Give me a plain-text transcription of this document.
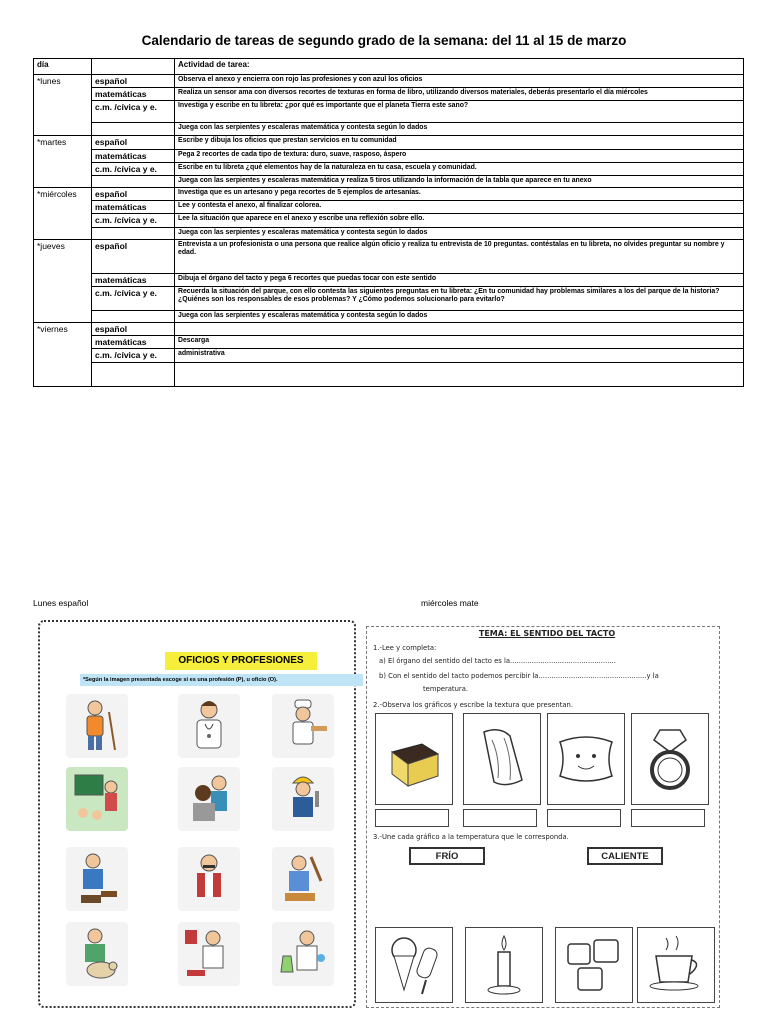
Calendario de tareas de segundo grado de la semana: del 11 al 15 de marzo
día		Actividad de tarea:
*lunes	español	Observa el anexo y encierra con rojo las profesiones y con azul los oficios
	matemáticas	Realiza un sensor ama con diversos recortes de texturas en forma de libro, utilizando diversos materiales, deberás presentarlo el día miércoles
	c.m. /cívica y e.	Investiga y escribe en tu libreta: ¿por qué es importante que el planeta Tierra este sano?
		Juega con las serpientes y escaleras matemática y contesta según lo dados
*martes	español	Escribe y dibuja los oficios que prestan servicios en tu comunidad
	matemáticas	Pega 2 recortes de cada tipo de textura: duro, suave, rasposo, áspero
	c.m. /cívica y e.	Escribe en tu libreta ¿qué elementos hay de la naturaleza en tu casa, escuela y comunidad.
		Juega con las serpientes y escaleras matemática y realiza 5 tiros utilizando la información de la tabla que aparece en tu anexo
*miércoles	español	Investiga que es un artesano y pega recortes de 5 ejemplos de artesanías.
	matemáticas	Lee y contesta el anexo, al finalizar colorea.
	c.m. /cívica y e.	Lee la situación que aparece en el anexo y escribe una reflexión sobre ello.
		Juega con las serpientes y escaleras matemática y contesta según lo dados
*jueves	español	Entrevista a un profesionista o una persona que realice algún oficio y realiza tu entrevista de 10 preguntas. contéstalas en tu libreta, no olvides preguntar su nombre y edad.
	matemáticas	Dibuja el órgano del tacto y pega 6 recortes que puedas tocar con este sentido
	c.m. /cívica y e.	Recuerda la situación del parque, con ello contesta las siguientes preguntas en tu libreta: ¿En tu comunidad hay problemas similares a los del parque de la historia? ¿Quiénes son los responsables de esos problemas? Y ¿Cómo podemos solucionarlo para evitarlo?
		Juega con las serpientes y escaleras matemática y contesta según lo dados
*viernes	español	
	matemáticas	Descarga
	c.m. /cívica y e.	administrativa

Lunes español	miércoles mate
OFICIOS Y PROFESIONES
*Según la imagen presentada escoge si es una profesión (P), u oficio (O).
TEMA: EL SENTIDO DEL TACTO
1.-Lee y completa:
a) El órgano del sentido del tacto es la.................................................
b) Con el sentido del tacto podemos percibir la..................................................y la
temperatura.
2.-Observa los gráficos y escribe la textura que presentan.
3.-Une cada gráfico a la temperatura que le corresponda.
FRÍO	CALIENTE
